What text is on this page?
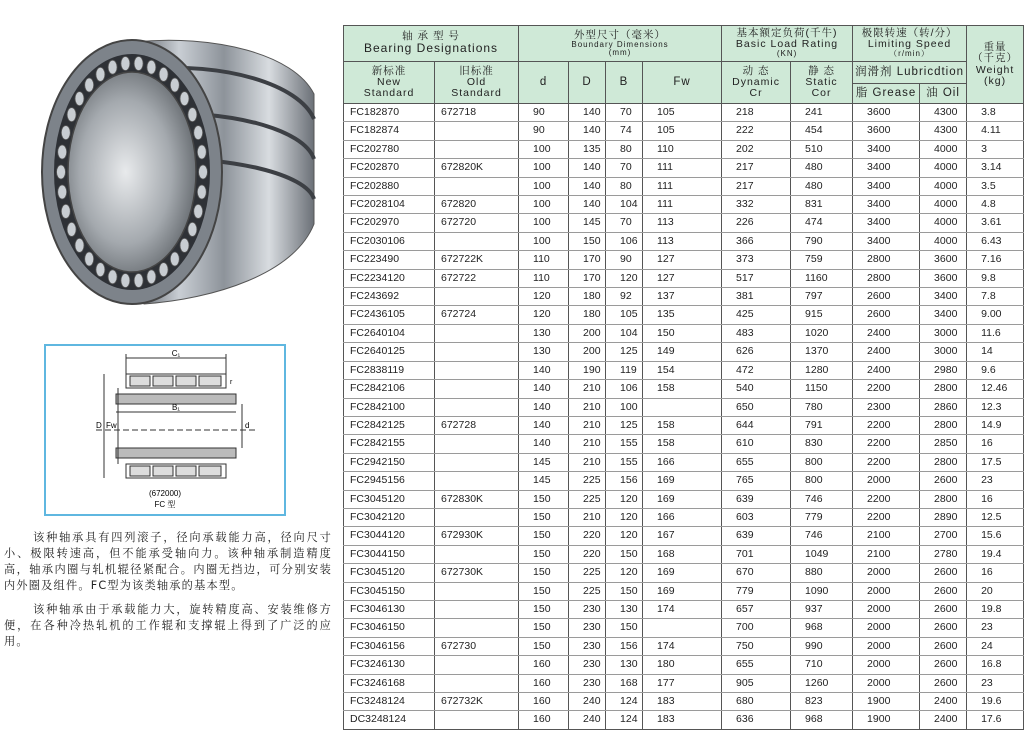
C₁
r
B₁
D Fw	d
(672000)
FC 型

该种轴承具有四列滚子，径向承载能力高，径向尺寸小、极限转速高，但不能承受轴向力。该种轴承制造精度高，轴承内圈与轧机辊径紧配合。内圈无挡边，可分别安装内外圈及组件。FC型为该类轴承的基本型。

该种轴承由于承载能力大，旋转精度高、安装维修方便，在各种冷热轧机的工作辊和支撑辊上得到了广泛的应用。

轴 承 型 号
Bearing Designations		外型尺寸（毫米）
Boundary Dimensions
(mm)				基本额定负荷(千牛)
Basic Load Rating
(KN)		极限转速（转/分）
Limiting Speed
（r/min）		重量
（千克）
Weight
(kg)

新标准
New
Standard	旧标准
Old
Standard	d	D	B	Fw	动 态
Dynamic
Cr	静 态
Static
Cor	润滑剂 Lubricdtion		
								脂 Grease	油 Oil	
FC182870	672718	90	140	70	105	218	241	3600	4300	3.8
FC182874		90	140	74	105	222	454	3600	4300	4.11
FC202780		100	135	80	110	202	510	3400	4000	3
FC202870	672820K	100	140	70	111	217	480	3400	4000	3.14
FC202880		100	140	80	111	217	480	3400	4000	3.5
FC2028104	672820	100	140	104	111	332	831	3400	4000	4.8
FC202970	672720	100	145	70	113	226	474	3400	4000	3.61
FC2030106		100	150	106	113	366	790	3400	4000	6.43
FC223490	672722K	110	170	90	127	373	759	2800	3600	7.16
FC2234120	672722	110	170	120	127	517	1160	2800	3600	9.8
FC243692		120	180	92	137	381	797	2600	3400	7.8
FC2436105	672724	120	180	105	135	425	915	2600	3400	9.00
FC2640104		130	200	104	150	483	1020	2400	3000	11.6
FC2640125		130	200	125	149	626	1370	2400	3000	14
FC2838119		140	190	119	154	472	1280	2400	2980	9.6
FC2842106		140	210	106	158	540	1150	2200	2800	12.46
FC2842100		140	210	100		650	780	2300	2860	12.3
FC2842125	672728	140	210	125	158	644	791	2200	2800	14.9
FC2842155		140	210	155	158	610	830	2200	2850	16
FC2942150		145	210	155	166	655	800	2200	2800	17.5
FC2945156		145	225	156	169	765	800	2000	2600	23
FC3045120	672830K	150	225	120	169	639	746	2200	2800	16
FC3042120		150	210	120	166	603	779	2200	2890	12.5
FC3044120	672930K	150	220	120	167	639	746	2100	2700	15.6
FC3044150		150	220	150	168	701	1049	2100	2780	19.4
FC3045120	672730K	150	225	120	169	670	880	2000	2600	16
FC3045150		150	225	150	169	779	1090	2000	2600	20
FC3046130		150	230	130	174	657	937	2000	2600	19.8
FC3046150		150	230	150		700	968	2000	2600	23
FC3046156	672730	150	230	156	174	750	990	2000	2600	24
FC3246130		160	230	130	180	655	710	2000	2600	16.8
FC3246168		160	230	168	177	905	1260	2000	2600	23
FC3248124	672732K	160	240	124	183	680	823	1900	2400	19.6
DC3248124		160	240	124	183	636	968	1900	2400	17.6
